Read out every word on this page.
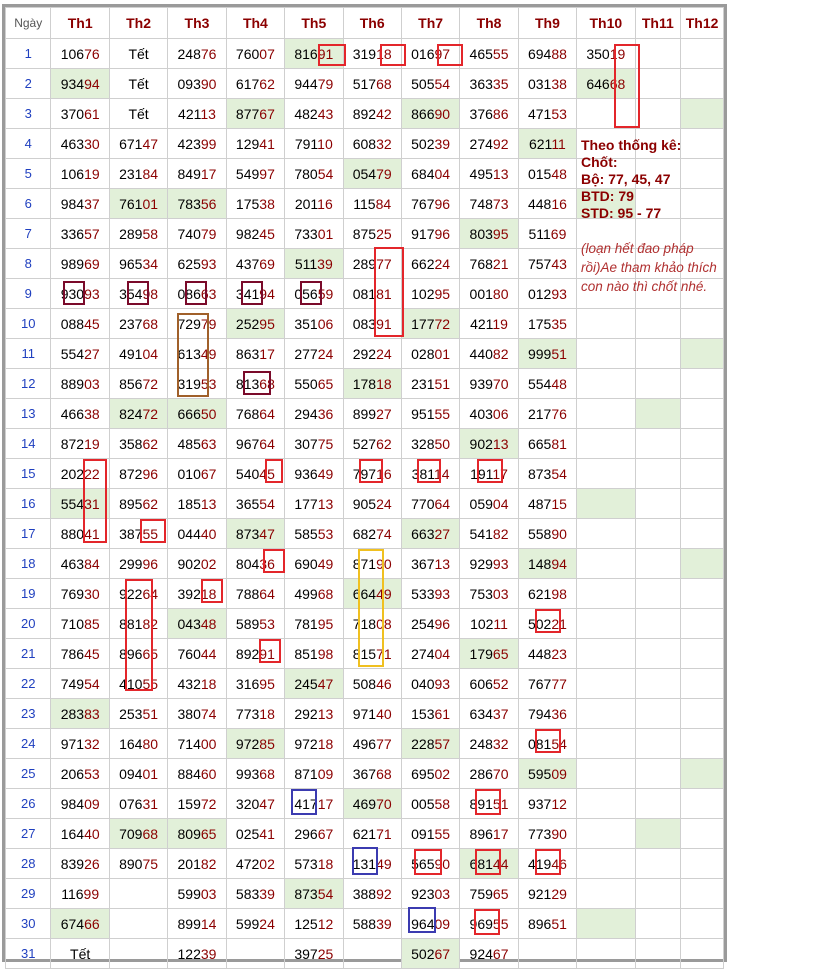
Ngày	Th1	Th2	Th3	Th4	Th5	Th6	Th7	Th8	Th9	Th10	Th11	Th12
1	10676	Tết	24876	76007	81691	31918	01697	46555	69488	35019		
2	93494	Tết	09390	61762	94479	51768	50554	36335	03138	64668		
3	37061	Tết	42113	87767	48243	89242	86690	37686	47153			
4	46330	67147	42399	12941	79110	60832	50239	27492	62111			
5	10619	23184	84917	54997	78054	05479	68404	49513	01548			
6	98437	76101	78356	17538	20116	11584	76796	74873	44816			
7	33657	28958	74079	98245	73301	87525	91796	80395	51169			
8	98969	96534	62593	43769	51139	28977	66224	76821	75743			
9	93093	35498	08663	34194	05659	08181	10295	00180	01293			
10	08845	23768	72979	25295	35106	08391	17772	42119	17535			
11	55427	49104	61349	86317	27724	29224	02801	44082	99951			
12	88903	85672	31953	81368	55065	17818	23151	93970	55448			
13	46638	82472	66650	76864	29436	89927	95155	40306	21776			
14	87219	35862	48563	96764	30775	52762	32850	90213	66581			
15	20222	87296	01067	54045	93649	79716	38114	19117	87354			
16	55431	89562	18513	36554	17713	90524	77064	05904	48715			
17	88041	38755	04440	87347	58553	68274	66327	54182	55890			
18	46384	29996	90202	80436	69049	87190	36713	92993	14894			
19	76930	92264	39218	78864	49968	66449	53393	75303	62198			
20	71085	88182	04348	58953	78195	71808	25496	10211	50221			
21	78645	89665	76044	89291	85198	81571	27404	17965	44823			
22	74954	41055	43218	31695	24547	50846	04093	60652	76777			
23	28383	25351	38074	77318	29213	97140	15361	63437	79436			
24	97132	16480	71400	97285	97218	49677	22857	24832	08154			
25	20653	09401	88460	99368	87109	36768	69502	28670	59509			
26	98409	07631	15972	32047	41717	46970	00558	89151	93712			
27	16440	70968	80965	02541	29667	62171	09155	89617	77390			
28	83926	89075	20182	47202	57318	13149	56590	68144	41946			
29	11699		59903	58339	87354	38892	92303	75965	92129			
30	67466		89914	59924	12512	58839	96409	96955	89651			
31	Tết		12239		39725		50267	92467				
Theo thống kê:
Chốt:
Bộ: 77, 45, 47
BTD: 79
STD: 95 - 77
(loạn hết đao pháp rồi)Ae tham khảo thích con nào thì chốt nhé.
